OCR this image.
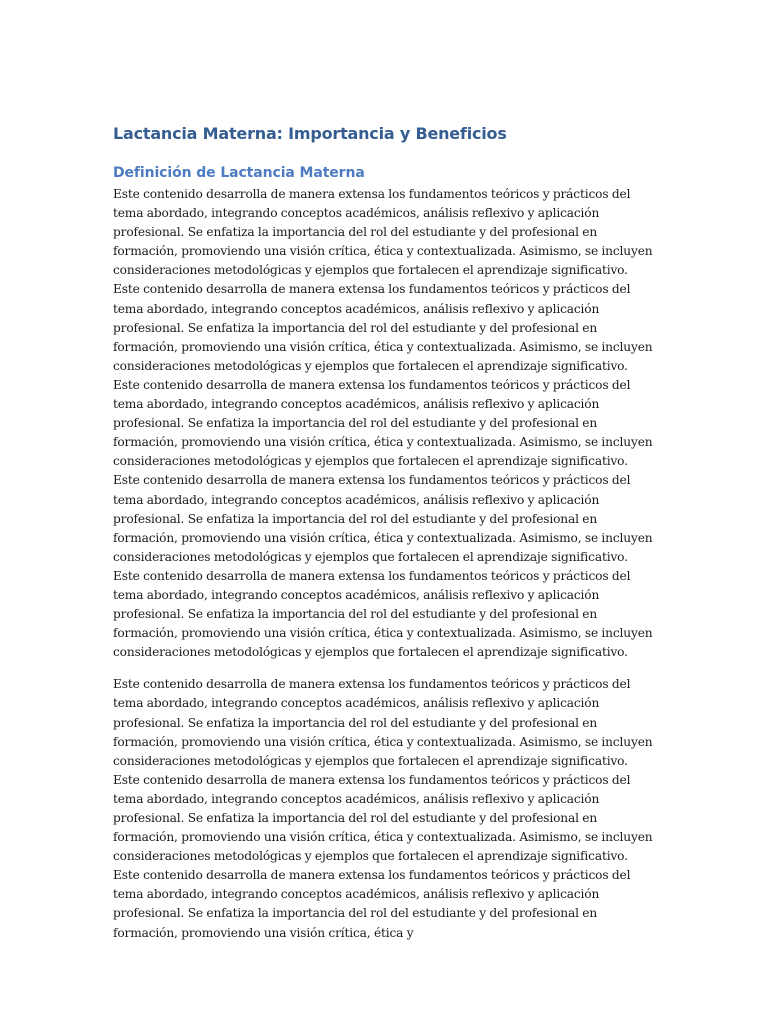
Lactancia Materna: Importancia y Beneficios
Definición de Lactancia Materna

Este contenido desarrolla de manera extensa los fundamentos teóricos y prácticos del tema abordado, integrando conceptos académicos, análisis reflexivo y aplicación profesional. Se enfatiza la importancia del rol del estudiante y del profesional en formación, promoviendo una visión crítica, ética y contextualizada. Asimismo, se incluyen consideraciones metodológicas y ejemplos que fortalecen el aprendizaje significativo. Este contenido desarrolla de manera extensa los fundamentos teóricos y prácticos del tema abordado, integrando conceptos académicos, análisis reflexivo y aplicación profesional. Se enfatiza la importancia del rol del estudiante y del profesional en formación, promoviendo una visión crítica, ética y contextualizada. Asimismo, se incluyen consideraciones metodológicas y ejemplos que fortalecen el aprendizaje significativo. Este contenido desarrolla de manera extensa los fundamentos teóricos y prácticos del tema abordado, integrando conceptos académicos, análisis reflexivo y aplicación profesional. Se enfatiza la importancia del rol del estudiante y del profesional en formación, promoviendo una visión crítica, ética y contextualizada. Asimismo, se incluyen consideraciones metodológicas y ejemplos que fortalecen el aprendizaje significativo. Este contenido desarrolla de manera extensa los fundamentos teóricos y prácticos del tema abordado, integrando conceptos académicos, análisis reflexivo y aplicación profesional. Se enfatiza la importancia del rol del estudiante y del profesional en formación, promoviendo una visión crítica, ética y contextualizada. Asimismo, se incluyen consideraciones metodológicas y ejemplos que fortalecen el aprendizaje significativo. Este contenido desarrolla de manera extensa los fundamentos teóricos y prácticos del tema abordado, integrando conceptos académicos, análisis reflexivo y aplicación profesional. Se enfatiza la importancia del rol del estudiante y del profesional en formación, promoviendo una visión crítica, ética y contextualizada. Asimismo, se incluyen consideraciones metodológicas y ejemplos que fortalecen el aprendizaje significativo.

Este contenido desarrolla de manera extensa los fundamentos teóricos y prácticos del tema abordado, integrando conceptos académicos, análisis reflexivo y aplicación profesional. Se enfatiza la importancia del rol del estudiante y del profesional en formación, promoviendo una visión crítica, ética y contextualizada. Asimismo, se incluyen consideraciones metodológicas y ejemplos que fortalecen el aprendizaje significativo. Este contenido desarrolla de manera extensa los fundamentos teóricos y prácticos del tema abordado, integrando conceptos académicos, análisis reflexivo y aplicación profesional. Se enfatiza la importancia del rol del estudiante y del profesional en formación, promoviendo una visión crítica, ética y contextualizada. Asimismo, se incluyen consideraciones metodológicas y ejemplos que fortalecen el aprendizaje significativo. Este contenido desarrolla de manera extensa los fundamentos teóricos y prácticos del tema abordado, integrando conceptos académicos, análisis reflexivo y aplicación profesional. Se enfatiza la importancia del rol del estudiante y del profesional en formación, promoviendo una visión crítica, ética y
